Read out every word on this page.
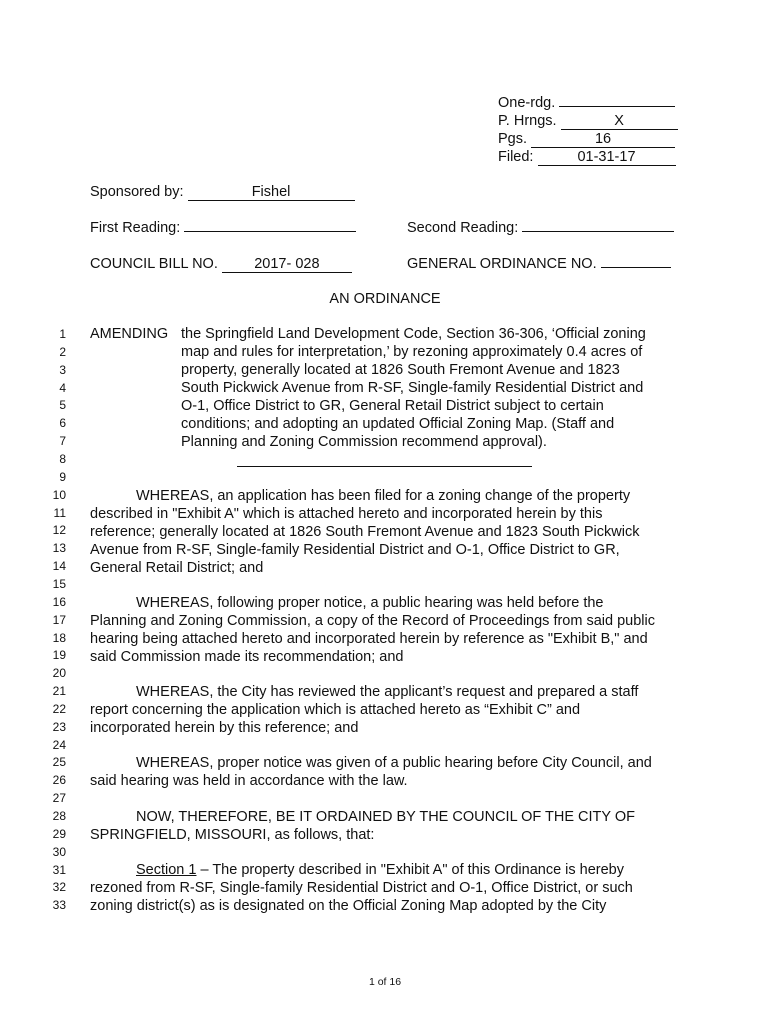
One-rdg.
P. Hrngs.	X
Pgs.	16
Filed:	01-31-17
Sponsored by:	Fishel
First Reading:	Second Reading:
COUNCIL BILL NO.	2017- 028	GENERAL ORDINANCE NO.
AN ORDINANCE
1
2
3
4
5
6
7
8
9
10
11
12
13
14
15
16
17
18
19
20
21
22
23
24
25
26
27
28
29
30
31
32
33
AMENDING the Springfield Land Development Code, Section 36-306, ‘Official zoning
map and rules for interpretation,’ by rezoning approximately 0.4 acres of
property, generally located at 1826 South Fremont Avenue and 1823
South Pickwick Avenue from R-SF, Single-family Residential District and
O-1, Office District to GR, General Retail District subject to certain
conditions; and adopting an updated Official Zoning Map. (Staff and
Planning and Zoning Commission recommend approval).
WHEREAS, an application has been filed for a zoning change of the property
described in "Exhibit A" which is attached hereto and incorporated herein by this
reference; generally located at 1826 South Fremont Avenue and 1823 South Pickwick
Avenue from R-SF, Single-family Residential District and O-1, Office District to GR,
General Retail District; and
WHEREAS, following proper notice, a public hearing was held before the
Planning and Zoning Commission, a copy of the Record of Proceedings from said public
hearing being attached hereto and incorporated herein by reference as "Exhibit B," and
said Commission made its recommendation; and
WHEREAS, the City has reviewed the applicant’s request and prepared a staff
report concerning the application which is attached hereto as “Exhibit C” and
incorporated herein by this reference; and
WHEREAS, proper notice was given of a public hearing before City Council, and
said hearing was held in accordance with the law.
NOW, THEREFORE, BE IT ORDAINED BY THE COUNCIL OF THE CITY OF
SPRINGFIELD, MISSOURI, as follows, that:
Section 1 – The property described in "Exhibit A" of this Ordinance is hereby
rezoned from R-SF, Single-family Residential District and O-1, Office District, or such
zoning district(s) as is designated on the Official Zoning Map adopted by the City
1 of 16
